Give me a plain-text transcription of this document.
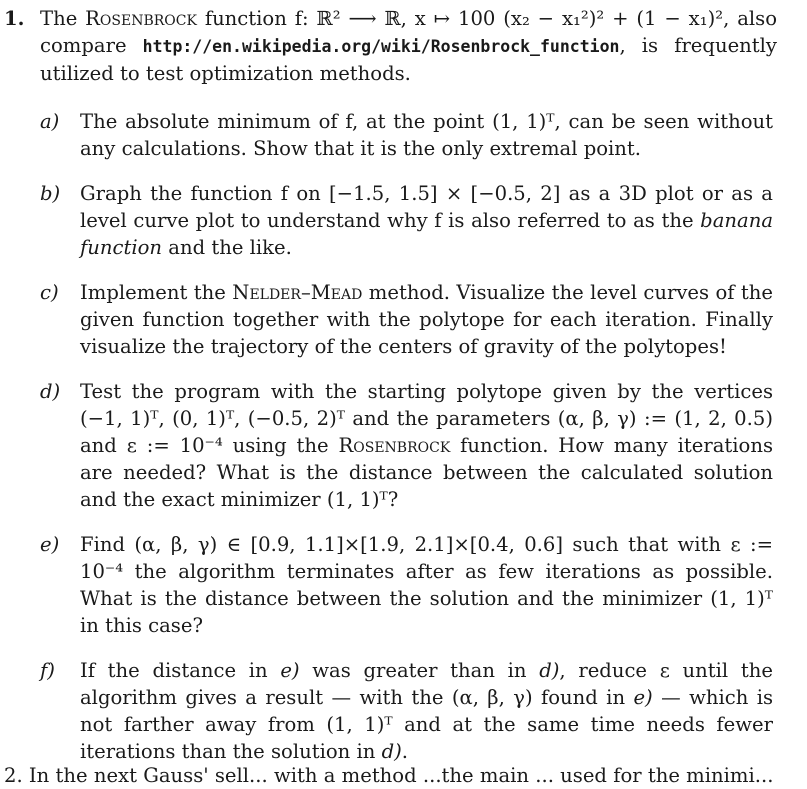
1. The Rosenbrock function f: ℝ² ⟶ ℝ, x ↦ 100 (x₂ − x₁²)² + (1 − x₁)², also compare http://en.wikipedia.org/wiki/Rosenbrock_function, is frequently utilized to test optimization methods.
a) The absolute minimum of f, at the point (1, 1)ᵀ, can be seen without any calculations. Show that it is the only extremal point.
b) Graph the function f on [−1.5, 1.5] × [−0.5, 2] as a 3D plot or as a level curve plot to understand why f is also referred to as the banana function and the like.
c) Implement the Nelder–Mead method. Visualize the level curves of the given function together with the polytope for each iteration. Finally visualize the trajectory of the centers of gravity of the polytopes!
d) Test the program with the starting polytope given by the vertices (−1, 1)ᵀ, (0, 1)ᵀ, (−0.5, 2)ᵀ and the parameters (α, β, γ) := (1, 2, 0.5) and ε := 10⁻⁴ using the Rosenbrock function. How many iterations are needed? What is the distance between the calculated solution and the exact minimizer (1, 1)ᵀ?
e) Find (α, β, γ) ∈ [0.9, 1.1]×[1.9, 2.1]×[0.4, 0.6] such that with ε := 10⁻⁴ the algorithm terminates after as few iterations as possible. What is the distance between the solution and the minimizer (1, 1)ᵀ in this case?
f) If the distance in e) was greater than in d), reduce ε until the algorithm gives a result — with the (α, β, γ) found in e) — which is not farther away from (1, 1)ᵀ and at the same time needs fewer iterations than the solution in d).
2. In the next Gauss' sell... with a method ...the main ... used for the minimi...
